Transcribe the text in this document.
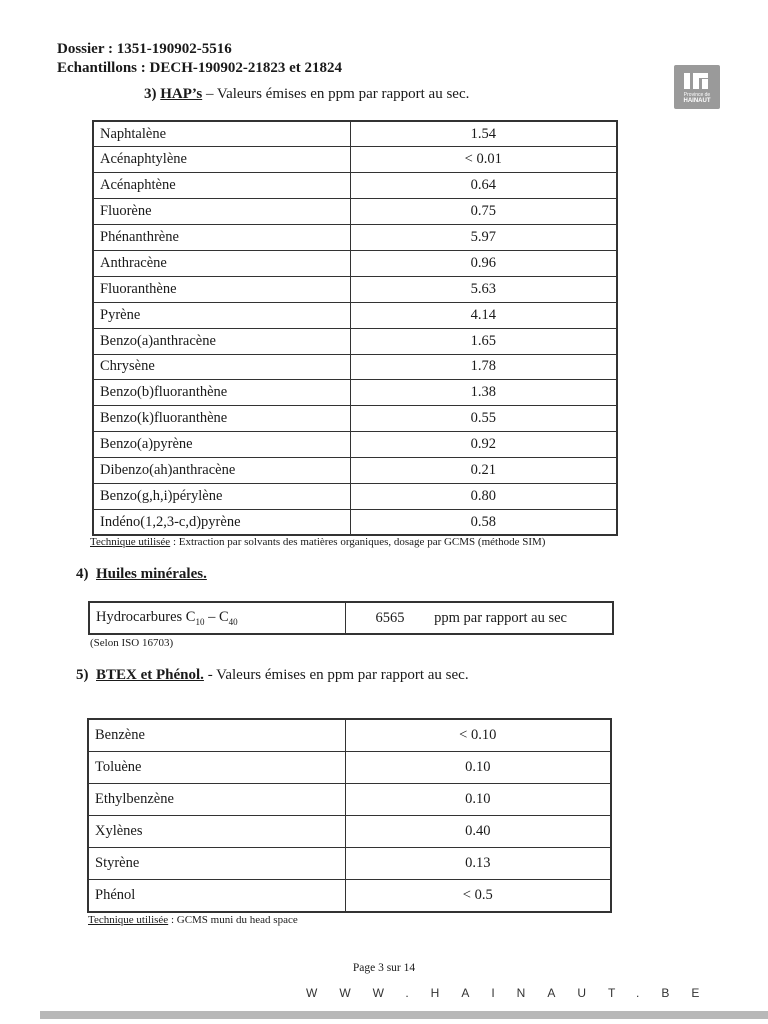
Dossier : 1351-190902-5516
Echantillons : DECH-190902-21823 et 21824
Province de
HAINAUT
3) HAP’s – Valeurs émises en ppm par rapport au sec.
Naphtalène	1.54
Acénaphtylène	< 0.01
Acénaphtène	0.64
Fluorène	0.75
Phénanthrène	5.97
Anthracène	0.96
Fluoranthène	5.63
Pyrène	4.14
Benzo(a)anthracène	1.65
Chrysène	1.78
Benzo(b)fluoranthène	1.38
Benzo(k)fluoranthène	0.55
Benzo(a)pyrène	0.92
Dibenzo(ah)anthracène	0.21
Benzo(g,h,i)pérylène	0.80
Indéno(1,2,3-c,d)pyrène	0.58
Technique utilisée : Extraction par solvants des matières organiques, dosage par GCMS (méthode SIM)
4) Huiles minérales.
Hydrocarbures $C_{10} - C_{40}$	6565 ppm par rapport au sec
(Selon ISO 16703)
5) BTEX et Phénol. - Valeurs émises en ppm par rapport au sec.
Benzène	< 0.10
Toluène	0.10
Ethylbenzène	0.10
Xylènes	0.40
Styrène	0.13
Phénol	< 0.5
Technique utilisée : GCMS muni du head space
Page 3 sur 14
WWW.HAINAUT.BE
